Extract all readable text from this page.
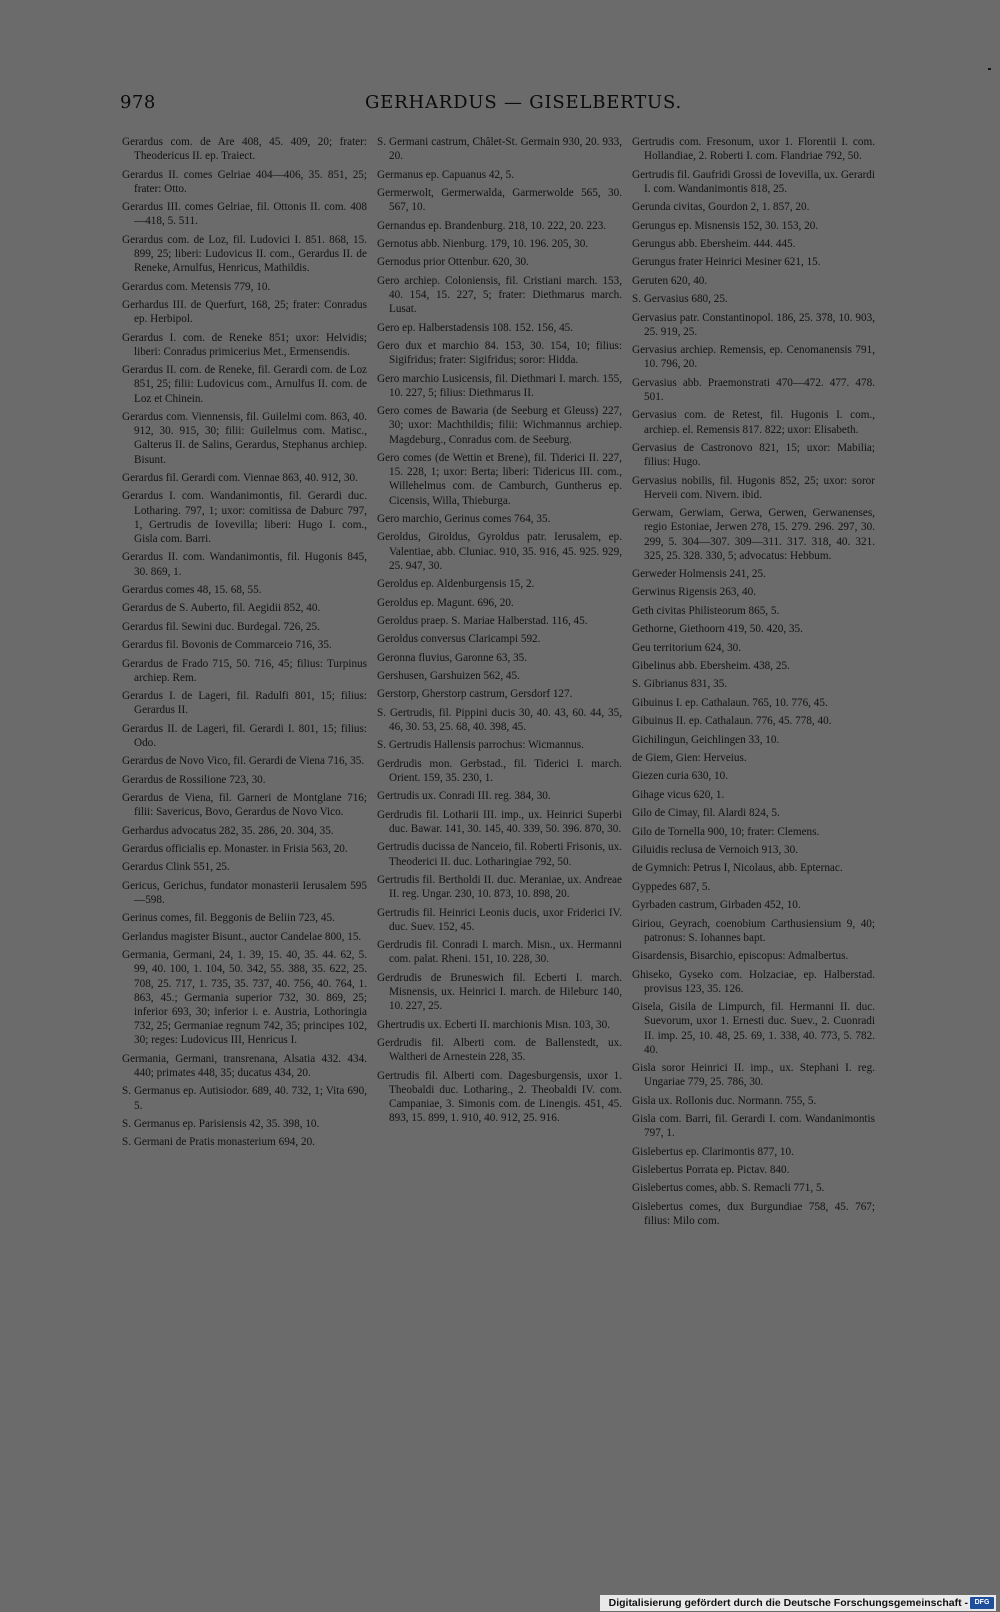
978	GERHARDUS — GISELBERTUS.

Gerardus com. de Are 408, 45. 409, 20; frater: Theodericus II. ep. Traiect.

Gerardus II. comes Gelriae 404—406, 35. 851, 25; frater: Otto.

Gerardus III. comes Gelriae, fil. Ottonis II. com. 408—418, 5. 511.

Gerardus com. de Loz, fil. Ludovici I. 851. 868, 15. 899, 25; liberi: Ludovicus II. com., Gerardus II. de Reneke, Arnulfus, Henricus, Mathildis.

Gerardus com. Metensis 779, 10.

Gerhardus III. de Querfurt, 168, 25; frater: Conradus ep. Herbipol.

Gerardus I. com. de Reneke 851; uxor: Helvidis; liberi: Conradus primicerius Met., Ermensendis.

Gerardus II. com. de Reneke, fil. Gerardi com. de Loz 851, 25; filii: Ludovicus com., Arnulfus II. com. de Loz et Chinein.

Gerardus com. Viennensis, fil. Guilelmi com. 863, 40. 912, 30. 915, 30; filii: Guilelmus com. Matisc., Galterus II. de Salins, Gerardus, Stephanus archiep. Bisunt.

Gerardus fil. Gerardi com. Viennae 863, 40. 912, 30.

Gerardus I. com. Wandanimontis, fil. Gerardi duc. Lotharing. 797, 1; uxor: comitissa de Daburc 797, 1, Gertrudis de Iovevilla; liberi: Hugo I. com., Gisla com. Barri.

Gerardus II. com. Wandanimontis, fil. Hugonis 845, 30. 869, 1.

Gerardus comes 48, 15. 68, 55.

Gerardus de S. Auberto, fil. Aegidii 852, 40.

Gerardus fil. Sewini duc. Burdegal. 726, 25.

Gerardus fil. Bovonis de Commarceio 716, 35.

Gerardus de Frado 715, 50. 716, 45; filius: Turpinus archiep. Rem.

Gerardus I. de Lageri, fil. Radulfi 801, 15; filius: Gerardus II.

Gerardus II. de Lageri, fil. Gerardi I. 801, 15; filius: Odo.

Gerardus de Novo Vico, fil. Gerardi de Viena 716, 35.

Gerardus de Rossilione 723, 30.

Gerardus de Viena, fil. Garneri de Montglane 716; filii: Savericus, Bovo, Gerardus de Novo Vico.

Gerhardus advocatus 282, 35. 286, 20. 304, 35.

Gerardus officialis ep. Monaster. in Frisia 563, 20.

Gerardus Clink 551, 25.

Gericus, Gerichus, fundator monasterii Ierusalem 595—598.

Gerinus comes, fil. Beggonis de Beliin 723, 45.

Gerlandus magister Bisunt., auctor Candelae 800, 15.

Germania, Germani, 24, 1. 39, 15. 40, 35. 44. 62, 5. 99, 40. 100, 1. 104, 50. 342, 55. 388, 35. 622, 25. 708, 25. 717, 1. 735, 35. 737, 40. 756, 40. 764, 1. 863, 45.; Germania superior 732, 30. 869, 25; inferior 693, 30; inferior i. e. Austria, Lothoringia 732, 25; Germaniae regnum 742, 35; principes 102, 30; reges: Ludovicus III, Henricus I.

Germania, Germani, transrenana, Alsatia 432. 434. 440; primates 448, 35; ducatus 434, 20.

S. Germanus ep. Autisiodor. 689, 40. 732, 1; Vita 690, 5.

S. Germanus ep. Parisiensis 42, 35. 398, 10.

S. Germani de Pratis monasterium 694, 20.

S. Germani castrum, Châlet-St. Germain 930, 20. 933, 20.

Germanus ep. Capuanus 42, 5.

Germerwolt, Germerwalda, Garmerwolde 565, 30. 567, 10.

Gernandus ep. Brandenburg. 218, 10. 222, 20. 223.

Gernotus abb. Nienburg. 179, 10. 196. 205, 30.

Gernodus prior Ottenbur. 620, 30.

Gero archiep. Coloniensis, fil. Cristiani march. 153, 40. 154, 15. 227, 5; frater: Diethmarus march. Lusat.

Gero ep. Halberstadensis 108. 152. 156, 45.

Gero dux et marchio 84. 153, 30. 154, 10; filius: Sigifridus; frater: Sigifridus; soror: Hidda.

Gero marchio Lusicensis, fil. Diethmari I. march. 155, 10. 227, 5; filius: Diethmarus II.

Gero comes de Bawaria (de Seeburg et Gleuss) 227, 30; uxor: Machthildis; filii: Wichmannus archiep. Magdeburg., Conradus com. de Seeburg.

Gero comes (de Wettin et Brene), fil. Tiderici II. 227, 15. 228, 1; uxor: Berta; liberi: Tidericus III. com., Willehelmus com. de Camburch, Guntherus ep. Cicensis, Willa, Thieburga.

Gero marchio, Gerinus comes 764, 35.

Geroldus, Giroldus, Gyroldus patr. Ierusalem, ep. Valentiae, abb. Cluniac. 910, 35. 916, 45. 925. 929, 25. 947, 30.

Geroldus ep. Aldenburgensis 15, 2.

Geroldus ep. Magunt. 696, 20.

Geroldus praep. S. Mariae Halberstad. 116, 45.

Geroldus conversus Claricampi 592.

Geronna fluvius, Garonne 63, 35.

Gershusen, Garshuizen 562, 45.

Gerstorp, Gherstorp castrum, Gersdorf 127.

S. Gertrudis, fil. Pippini ducis 30, 40. 43, 60. 44, 35, 46, 30. 53, 25. 68, 40. 398, 45.

S. Gertrudis Hallensis parrochus: Wicmannus.

Gerdrudis mon. Gerbstad., fil. Tiderici I. march. Orient. 159, 35. 230, 1.

Gertrudis ux. Conradi III. reg. 384, 30.

Gerdrudis fil. Lotharii III. imp., ux. Heinrici Superbi duc. Bawar. 141, 30. 145, 40. 339, 50. 396. 870, 30.

Gertrudis ducissa de Nanceio, fil. Roberti Frisonis, ux. Theoderici II. duc. Lotharingiae 792, 50.

Gertrudis fil. Bertholdi II. duc. Meraniae, ux. Andreae II. reg. Ungar. 230, 10. 873, 10. 898, 20.

Gertrudis fil. Heinrici Leonis ducis, uxor Friderici IV. duc. Suev. 152, 45.

Gerdrudis fil. Conradi I. march. Misn., ux. Hermanni com. palat. Rheni. 151, 10. 228, 30.

Gerdrudis de Bruneswich fil. Ecberti I. march. Misnensis, ux. Heinrici I. march. de Hileburc 140, 10. 227, 25.

Ghertrudis ux. Ecberti II. marchionis Misn. 103, 30.

Gerdrudis fil. Alberti com. de Ballenstedt, ux. Waltheri de Arnestein 228, 35.

Gertrudis fil. Alberti com. Dagesburgensis, uxor 1. Theobaldi duc. Lotharing., 2. Theobaldi IV. com. Campaniae, 3. Simonis com. de Linengis. 451, 45. 893, 15. 899, 1. 910, 40. 912, 25. 916.

Gertrudis com. Fresonum, uxor 1. Florentii I. com. Hollandiae, 2. Roberti I. com. Flandriae 792, 50.

Gertrudis fil. Gaufridi Grossi de Iovevilla, ux. Gerardi I. com. Wandanimontis 818, 25.

Gerunda civitas, Gourdon 2, 1. 857, 20.

Gerungus ep. Misnensis 152, 30. 153, 20.

Gerungus abb. Ebersheim. 444. 445.

Gerungus frater Heinrici Mesiner 621, 15.

Geruten 620, 40.

S. Gervasius 680, 25.

Gervasius patr. Constantinopol. 186, 25. 378, 10. 903, 25. 919, 25.

Gervasius archiep. Remensis, ep. Cenomanensis 791, 10. 796, 20.

Gervasius abb. Praemonstrati 470—472. 477. 478. 501.

Gervasius com. de Retest, fil. Hugonis I. com., archiep. el. Remensis 817. 822; uxor: Elisabeth.

Gervasius de Castronovo 821, 15; uxor: Mabilia; filius: Hugo.

Gervasius nobilis, fil. Hugonis 852, 25; uxor: soror Herveii com. Nivern. ibid.

Gerwam, Gerwiam, Gerwa, Gerwen, Gerwanenses, regio Estoniae, Jerwen 278, 15. 279. 296. 297, 30. 299, 5. 304—307. 309—311. 317. 318, 40. 321. 325, 25. 328. 330, 5; advocatus: Hebbum.

Gerweder Holmensis 241, 25.

Gerwinus Rigensis 263, 40.

Geth civitas Philisteorum 865, 5.

Gethorne, Giethoorn 419, 50. 420, 35.

Geu territorium 624, 30.

Gibelinus abb. Ebersheim. 438, 25.

S. Gibrianus 831, 35.

Gibuinus I. ep. Cathalaun. 765, 10. 776, 45.

Gibuinus II. ep. Cathalaun. 776, 45. 778, 40.

Gichilingun, Geichlingen 33, 10.

de Giem, Gien: Herveius.

Giezen curia 630, 10.

Gihage vicus 620, 1.

Gilo de Cimay, fil. Alardi 824, 5.

Gilo de Tornella 900, 10; frater: Clemens.

Giluidis reclusa de Vernoich 913, 30.

de Gymnich: Petrus I, Nicolaus, abb. Epternac.

Gyppedes 687, 5.

Gyrbaden castrum, Girbaden 452, 10.

Giriou, Geyrach, coenobium Carthusiensium 9, 40; patronus: S. Iohannes bapt.

Gisardensis, Bisarchio, episcopus: Admalbertus.

Ghiseko, Gyseko com. Holzaciae, ep. Halberstad. provisus 123, 35. 126.

Gisela, Gisila de Limpurch, fil. Hermanni II. duc. Suevorum, uxor 1. Ernesti duc. Suev., 2. Cuonradi II. imp. 25, 10. 48, 25. 69, 1. 338, 40. 773, 5. 782. 40.

Gisla soror Heinrici II. imp., ux. Stephani I. reg. Ungariae 779, 25. 786, 30.

Gisla ux. Rollonis duc. Normann. 755, 5.

Gisla com. Barri, fil. Gerardi I. com. Wandanimontis 797, 1.

Gislebertus ep. Clarimontis 877, 10.

Gislebertus Porrata ep. Pictav. 840.

Gislebertus comes, abb. S. Remacli 771, 5.

Gislebertus comes, dux Burgundiae 758, 45. 767; filius: Milo com.

Digitalisierung gefördert durch die Deutsche Forschungsgemeinschaft - DFG
